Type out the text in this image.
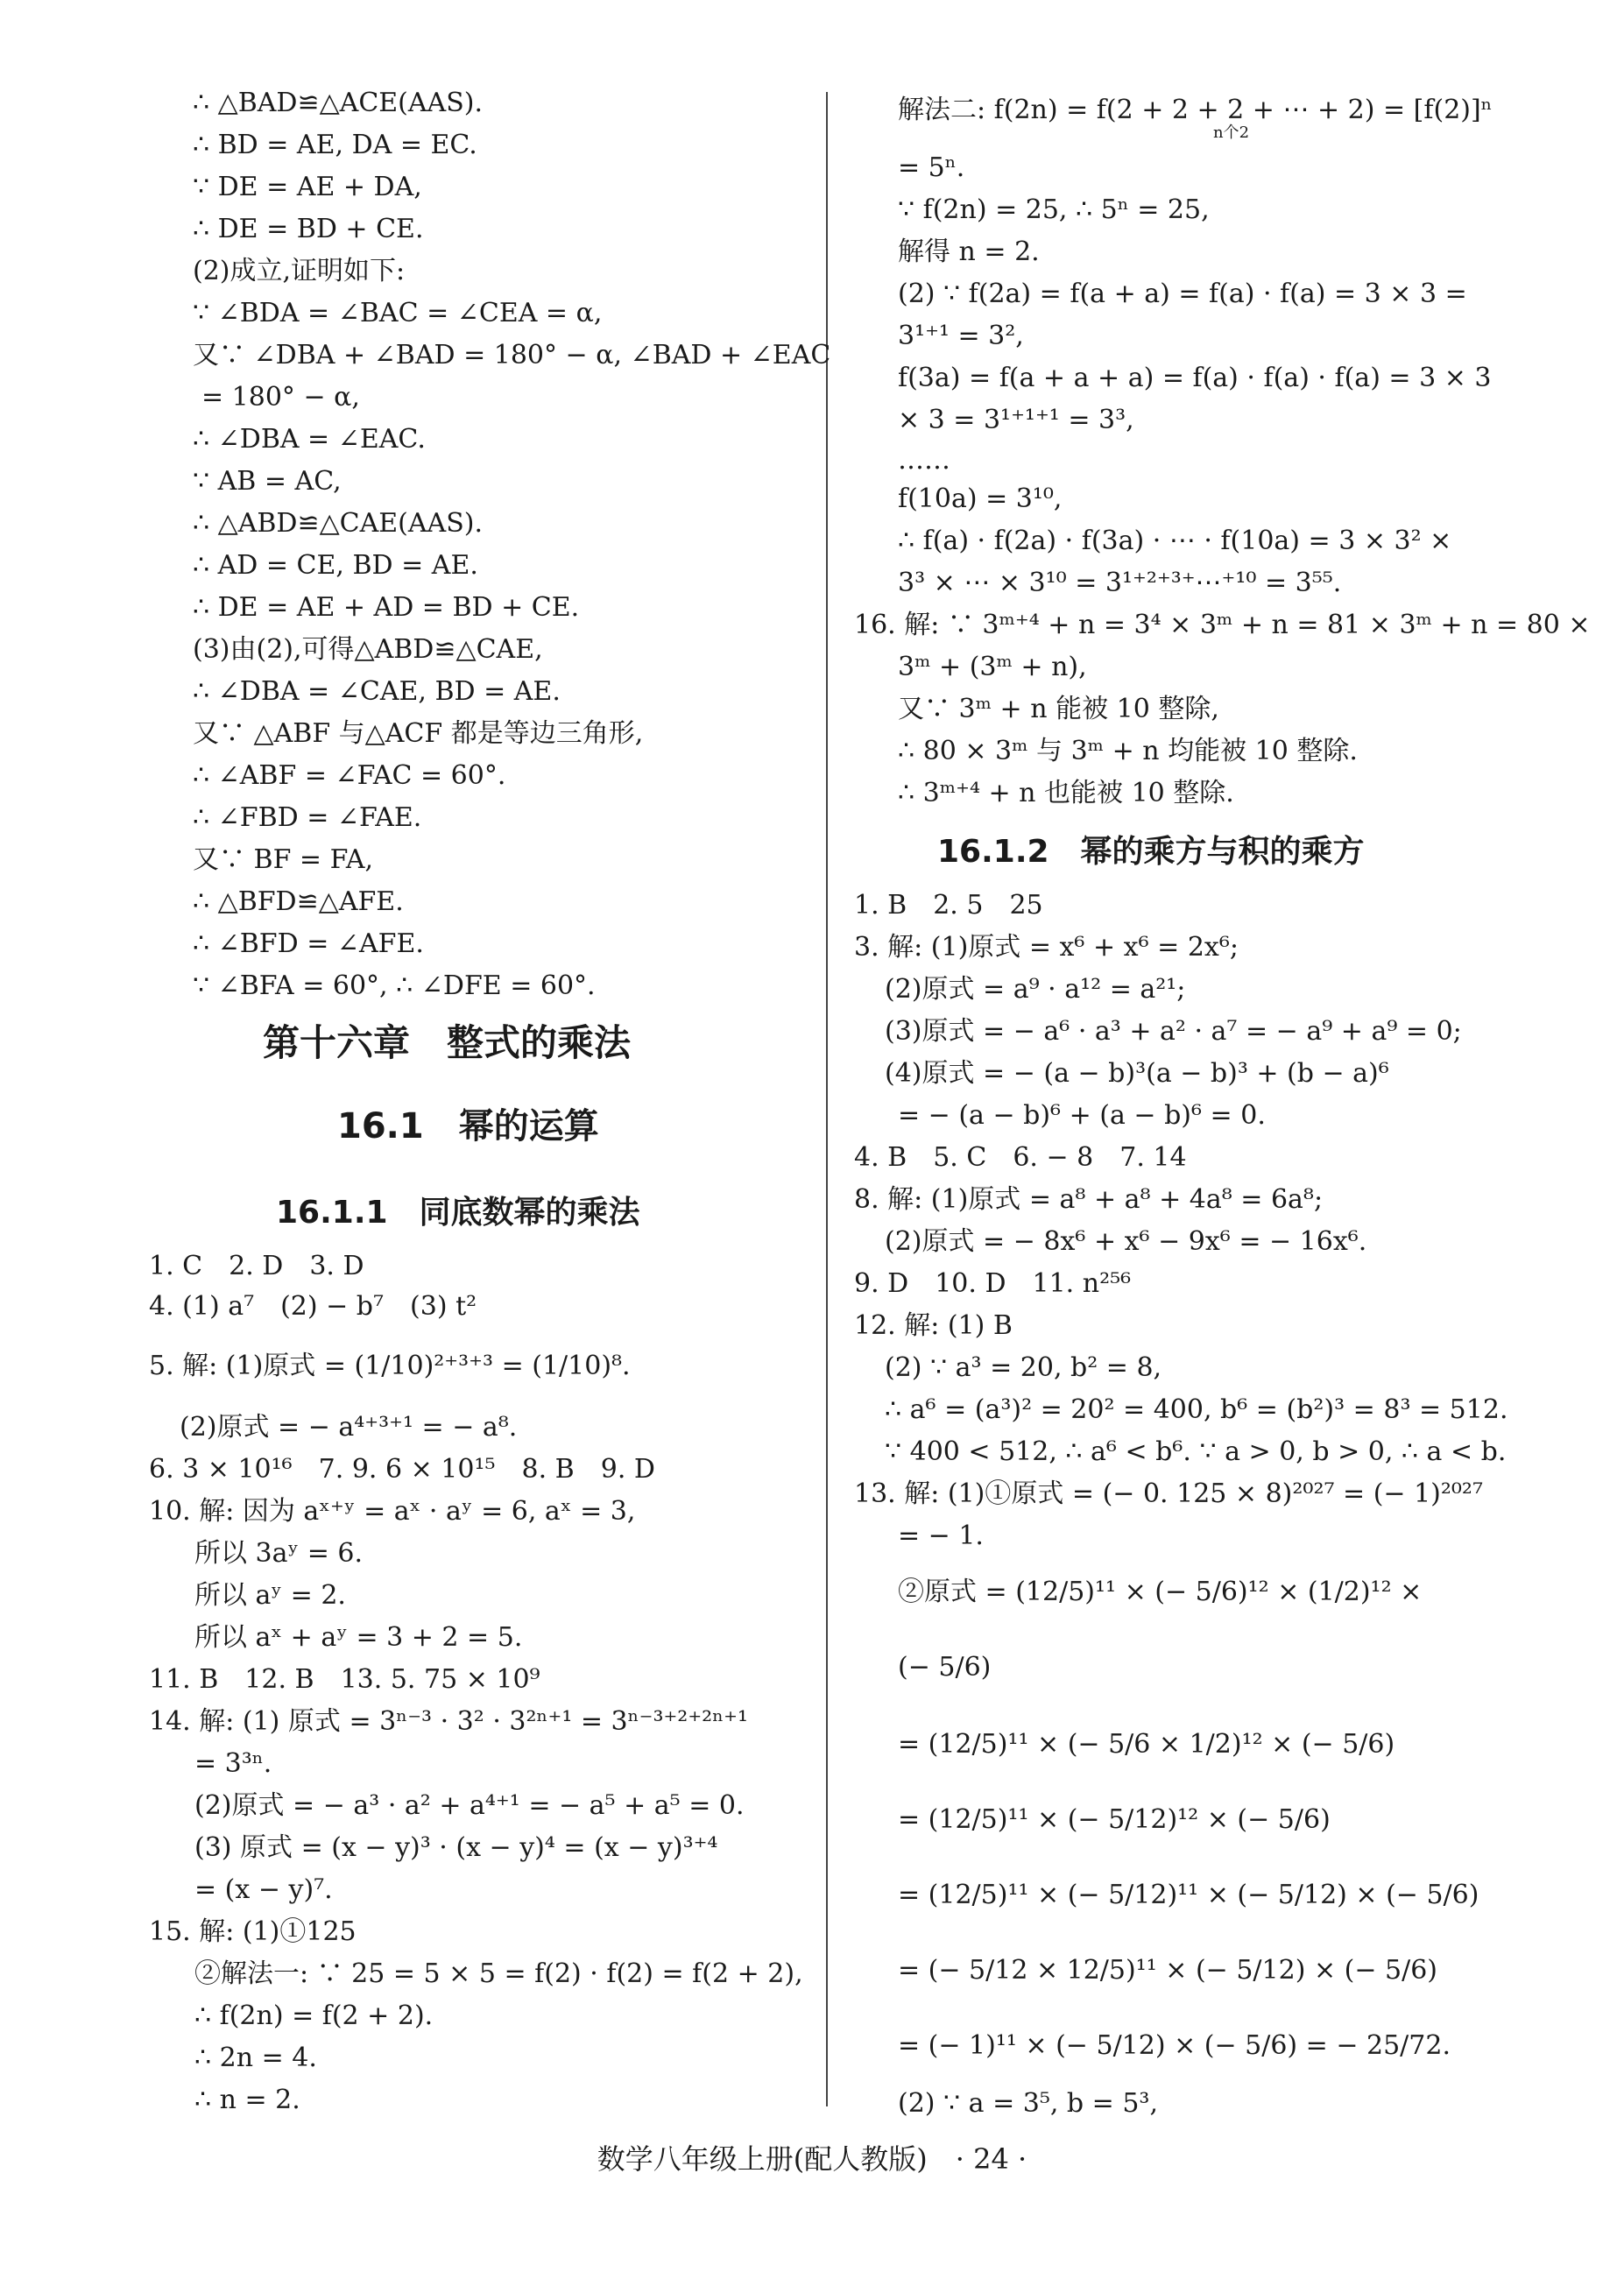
∴ △BAD≌△ACE(AAS).
∴ BD = AE, DA = EC.
∵ DE = AE + DA,
∴ DE = BD + CE.
(2)成立,证明如下:
∵ ∠BDA = ∠BAC = ∠CEA = α,
又∵ ∠DBA + ∠BAD = 180° − α, ∠BAD + ∠EAC
= 180° − α,
∴ ∠DBA = ∠EAC.
∵ AB = AC,
∴ △ABD≌△CAE(AAS).
∴ AD = CE, BD = AE.
∴ DE = AE + AD = BD + CE.
(3)由(2),可得△ABD≌△CAE,
∴ ∠DBA = ∠CAE, BD = AE.
又∵ △ABF 与△ACF 都是等边三角形,
∴ ∠ABF = ∠FAC = 60°.
∴ ∠FBD = ∠FAE.
又∵ BF = FA,
∴ △BFD≌△AFE.
∴ ∠BFD = ∠AFE.
∵ ∠BFA = 60°, ∴ ∠DFE = 60°.
第十六章　整式的乘法
16.1　幂的运算
16.1.1　同底数幂的乘法
1. C　2. D　3. D
4. (1) a⁷　(2) − b⁷　(3) t²
5. 解: (1)原式 = (1/10)²⁺³⁺³ = (1/10)⁸.
(2)原式 = − a⁴⁺³⁺¹ = − a⁸.
6. 3 × 10¹⁶　7. 9. 6 × 10¹⁵　8. B　9. D
10. 解: 因为 aˣ⁺ʸ = aˣ · aʸ = 6, aˣ = 3,
所以 3aʸ = 6.
所以 aʸ = 2.
所以 aˣ + aʸ = 3 + 2 = 5.
11. B　12. B　13. 5. 75 × 10⁹
14. 解: (1) 原式 = 3ⁿ⁻³ · 3² · 3²ⁿ⁺¹ = 3ⁿ⁻³⁺²⁺²ⁿ⁺¹
= 3³ⁿ.
(2)原式 = − a³ · a² + a⁴⁺¹ = − a⁵ + a⁵ = 0.
(3) 原式 = (x − y)³ · (x − y)⁴ = (x − y)³⁺⁴
= (x − y)⁷.
15. 解: (1)①125
②解法一: ∵ 25 = 5 × 5 = f(2) · f(2) = f(2 + 2),
∴ f(2n) = f(2 + 2).
∴ 2n = 4.
∴ n = 2.
解法二: f(2n) = f(2 + 2 + 2 + ⋯ + 2) = [f(2)]ⁿ
n个2
= 5ⁿ.
∵ f(2n) = 25, ∴ 5ⁿ = 25,
解得 n = 2.
(2) ∵ f(2a) = f(a + a) = f(a) · f(a) = 3 × 3 =
3¹⁺¹ = 3²,
f(3a) = f(a + a + a) = f(a) · f(a) · f(a) = 3 × 3
× 3 = 3¹⁺¹⁺¹ = 3³,
……
f(10a) = 3¹⁰,
∴ f(a) · f(2a) · f(3a) · ⋯ · f(10a) = 3 × 3² ×
3³ × ⋯ × 3¹⁰ = 3¹⁺²⁺³⁺⋯⁺¹⁰ = 3⁵⁵.
16. 解: ∵ 3ᵐ⁺⁴ + n = 3⁴ × 3ᵐ + n = 81 × 3ᵐ + n = 80 ×
3ᵐ + (3ᵐ + n),
又∵ 3ᵐ + n 能被 10 整除,
∴ 80 × 3ᵐ 与 3ᵐ + n 均能被 10 整除.
∴ 3ᵐ⁺⁴ + n 也能被 10 整除.
16.1.2　幂的乘方与积的乘方
1. B　2. 5　25
3. 解: (1)原式 = x⁶ + x⁶ = 2x⁶;
(2)原式 = a⁹ · a¹² = a²¹;
(3)原式 = − a⁶ · a³ + a² · a⁷ = − a⁹ + a⁹ = 0;
(4)原式 = − (a − b)³(a − b)³ + (b − a)⁶
= − (a − b)⁶ + (a − b)⁶ = 0.
4. B　5. C　6. − 8　7. 14
8. 解: (1)原式 = a⁸ + a⁸ + 4a⁸ = 6a⁸;
(2)原式 = − 8x⁶ + x⁶ − 9x⁶ = − 16x⁶.
9. D　10. D　11. n²⁵⁶
12. 解: (1) B
(2) ∵ a³ = 20, b² = 8,
∴ a⁶ = (a³)² = 20² = 400, b⁶ = (b²)³ = 8³ = 512.
∵ 400 < 512, ∴ a⁶ < b⁶. ∵ a > 0, b > 0, ∴ a < b.
13. 解: (1)①原式 = (− 0. 125 × 8)²⁰²⁷ = (− 1)²⁰²⁷
= − 1.
②原式 = (12/5)¹¹ × (− 5/6)¹² × (1/2)¹² ×
(− 5/6)
= (12/5)¹¹ × (− 5/6 × 1/2)¹² × (− 5/6)
= (12/5)¹¹ × (− 5/12)¹² × (− 5/6)
= (12/5)¹¹ × (− 5/12)¹¹ × (− 5/12) × (− 5/6)
= (− 5/12 × 12/5)¹¹ × (− 5/12) × (− 5/6)
= (− 1)¹¹ × (− 5/12) × (− 5/6) = − 25/72.
(2) ∵ a = 3⁵, b = 5³,
数学八年级上册(配人教版)　· 24 ·
